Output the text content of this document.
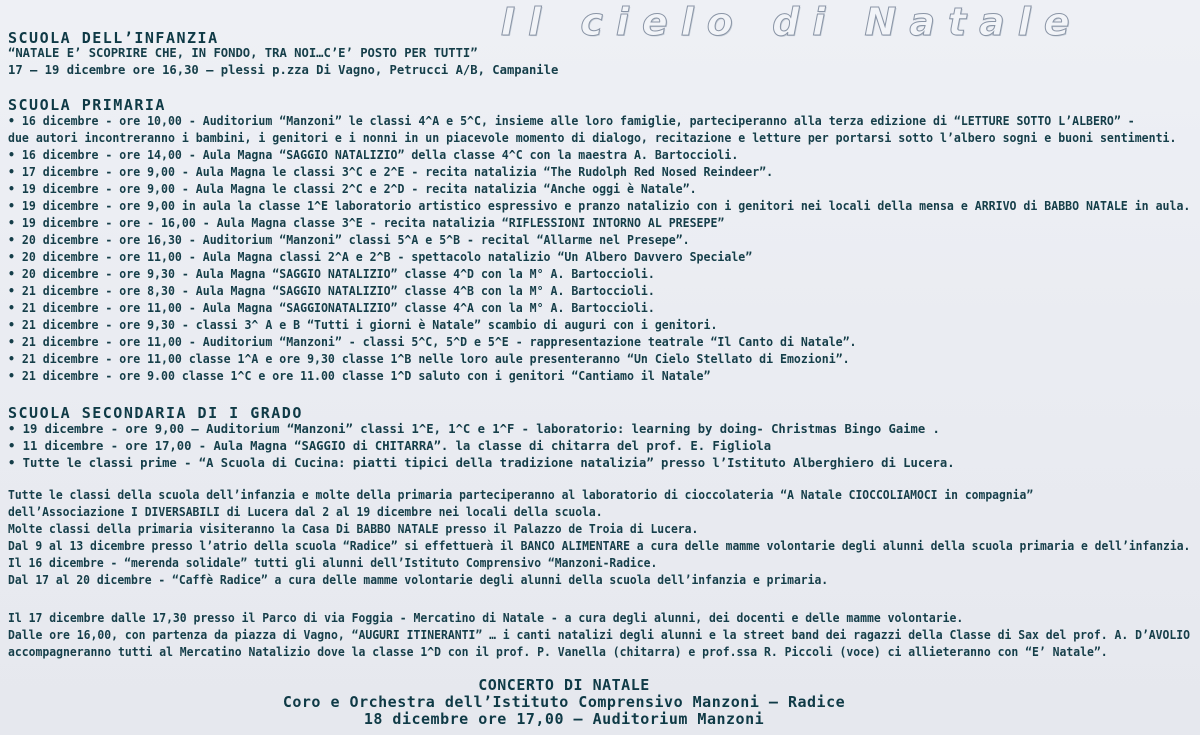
Il cielo di Natale
SCUOLA DELL’INFANZIA
“NATALE E’ SCOPRIRE CHE, IN FONDO, TRA NOI…C’E’ POSTO PER TUTTI”
17 – 19 dicembre ore 16,30 – plessi p.zza Di Vagno, Petrucci A/B, Campanile
SCUOLA PRIMARIA
• 16 dicembre - ore 10,00 - Auditorium “Manzoni” le classi 4^A e 5^C, insieme alle loro famiglie, parteciperanno alla terza edizione di “LETTURE SOTTO L’ALBERO” -
due autori incontreranno i bambini, i genitori e i nonni in un piacevole momento di dialogo, recitazione e letture per portarsi sotto l’albero sogni e buoni sentimenti.
• 16 dicembre - ore 14,00 - Aula Magna “SAGGIO NATALIZIO” della classe 4^C con la maestra A. Bartoccioli.
• 17 dicembre - ore 9,00 - Aula Magna le classi 3^C e 2^E - recita natalizia “The Rudolph Red Nosed Reindeer”.
• 19 dicembre - ore 9,00 - Aula Magna le classi 2^C e 2^D - recita natalizia “Anche oggi è Natale”.
• 19 dicembre - ore 9,00 in aula la classe 1^E laboratorio artistico espressivo e pranzo natalizio con i genitori nei locali della mensa e ARRIVO di BABBO NATALE in aula.
• 19 dicembre - ore - 16,00 - Aula Magna classe 3^E - recita natalizia “RIFLESSIONI INTORNO AL PRESEPE”
• 20 dicembre - ore 16,30 - Auditorium “Manzoni” classi 5^A e 5^B - recital “Allarme nel Presepe”.
• 20 dicembre - ore 11,00 - Aula Magna classi 2^A e 2^B - spettacolo natalizio “Un Albero Davvero Speciale”
• 20 dicembre - ore 9,30 - Aula Magna “SAGGIO NATALIZIO” classe 4^D con la M° A. Bartoccioli.
• 21 dicembre - ore 8,30 - Aula Magna “SAGGIO NATALIZIO” classe 4^B con la M° A. Bartoccioli.
• 21 dicembre - ore 11,00 - Aula Magna “SAGGIONATALIZIO” classe 4^A con la M° A. Bartoccioli.
• 21 dicembre - ore 9,30 - classi 3^ A e B “Tutti i giorni è Natale” scambio di auguri con i genitori.
• 21 dicembre - ore 11,00 - Auditorium “Manzoni” - classi 5^C, 5^D e 5^E - rappresentazione teatrale “Il Canto di Natale”.
• 21 dicembre - ore 11,00 classe 1^A e ore 9,30 classe 1^B nelle loro aule presenteranno “Un Cielo Stellato di Emozioni”.
• 21 dicembre - ore 9.00 classe 1^C e ore 11.00 classe 1^D saluto con i genitori “Cantiamo il Natale”
SCUOLA SECONDARIA DI I GRADO
• 19 dicembre - ore 9,00 – Auditorium “Manzoni” classi 1^E, 1^C e 1^F - laboratorio: learning by doing- Christmas Bingo Gaime .
• 11 dicembre - ore 17,00 - Aula Magna “SAGGIO di CHITARRA”. la classe di chitarra del prof. E. Figliola
• Tutte le classi prime - “A Scuola di Cucina: piatti tipici della tradizione natalizia” presso l’Istituto Alberghiero di Lucera.
Tutte le classi della scuola dell’infanzia e molte della primaria parteciperanno al laboratorio di cioccolateria “A Natale CIOCCOLIAMOCI in compagnia”
dell’Associazione I DIVERSABILI di Lucera dal 2 al 19 dicembre nei locali della scuola.
Molte classi della primaria visiteranno la Casa Di BABBO NATALE presso il Palazzo de Troia di Lucera.
Dal 9 al 13 dicembre presso l’atrio della scuola “Radice” si effettuerà il BANCO ALIMENTARE a cura delle mamme volontarie degli alunni della scuola primaria e dell’infanzia.
Il 16 dicembre - “merenda solidale” tutti gli alunni dell’Istituto Comprensivo “Manzoni-Radice.
Dal 17 al 20 dicembre - “Caffè Radice” a cura delle mamme volontarie degli alunni della scuola dell’infanzia e primaria.
Il 17 dicembre dalle 17,30 presso il Parco di via Foggia - Mercatino di Natale - a cura degli alunni, dei docenti e delle mamme volontarie.
Dalle ore 16,00, con partenza da piazza di Vagno, “AUGURI ITINERANTI” … i canti natalizi degli alunni e la street band dei ragazzi della Classe di Sax del prof. A. D’AVOLIO
accompagneranno tutti al Mercatino Natalizio dove la classe 1^D con il prof. P. Vanella (chitarra) e prof.ssa R. Piccoli (voce) ci allieteranno con “E’ Natale”.
CONCERTO DI NATALE
Coro e Orchestra dell’Istituto Comprensivo Manzoni – Radice
18 dicembre ore 17,00 – Auditorium Manzoni
